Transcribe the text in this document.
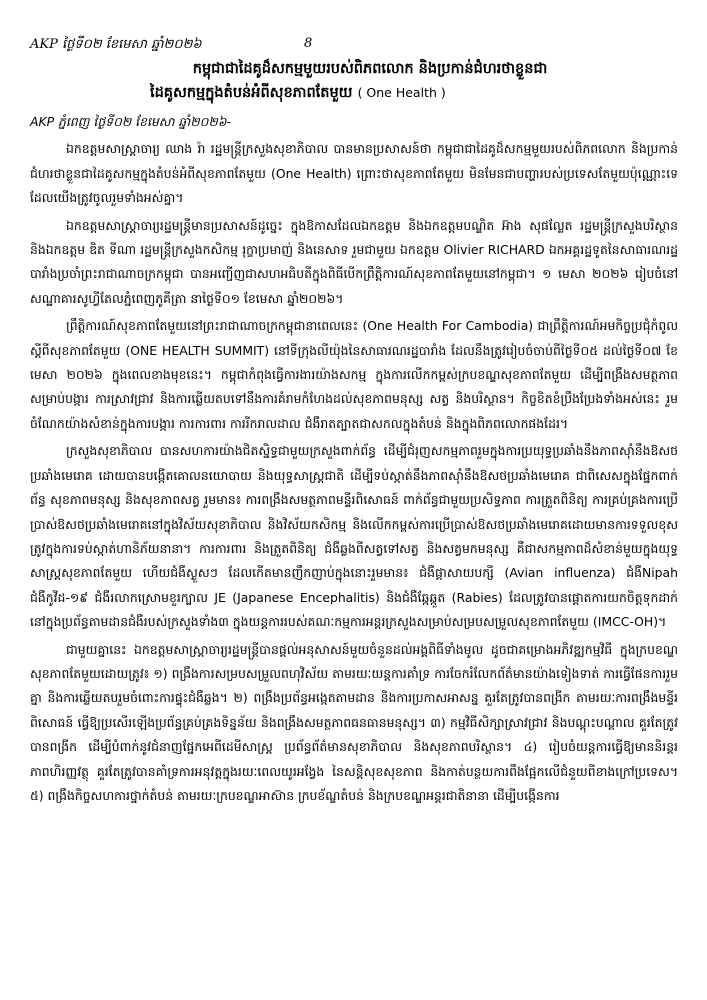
AKP ថ្ងៃទី០២ ខែមេសា ឆ្នាំ២០២៦	8
កម្ពុជាជាដៃគូដ៏សកម្មមួយរបស់ពិភពលោក និងប្រកាន់ជំហរថាខ្លួនជា
ដៃគូសកម្មក្នុងតំបន់អំពីសុខភាពតែមួយ ( One Health )

AKP ភ្នំពេញ ថ្ងៃទី០២ ខែមេសា ឆ្នាំ២០២៦-

ឯកឧត្តមសាស្ត្រាចារ្យ ឈាង រ៉ា រដ្ឋមន្ត្រីក្រសួងសុខាភិបាល បានមានប្រសាសន៍ថា កម្ពុជាជាដៃគូដ៏សកម្មមួយរបស់ពិភពលោក និងប្រកាន់ជំហរថាខ្លួនជាដៃគូសកម្មក្នុងតំបន់អំពីសុខភាពតែមួយ (One Health) ព្រោះថាសុខភាពតែមួយ មិនមែនជាបញ្ហារបស់ប្រទេសតែមួយប៉ុណ្ណោះទេ ដែលយើងត្រូវចូលរួមទាំងអស់គ្នា។

ឯកឧត្តមសាស្ត្រាចារ្យរដ្ឋមន្ត្រីមានប្រសាសន៍ដូច្នេះ ក្នុងឱកាសដែលឯកឧត្តម និងឯកឧត្តមបណ្ឌិត អ៊ាង សុផល្លែត រដ្ឋមន្ត្រីក្រសួងបរិស្ថាន និងឯកឧត្តម ឌិត ទីណា រដ្ឋមន្ត្រីក្រសួងកសិកម្ម រុក្ខាប្រមាញ់ និងនេសាទ រួមជាមួយ ឯកឧត្តម Olivier RICHARD ឯកអគ្គរដ្ឋទូតនៃសាធារណរដ្ឋបារាំងប្រចាំព្រះរាជាណាចក្រកម្ពុជា បានអញ្ជើញជាសហអធិបតីក្នុងពិធីបើកព្រឹត្តិការណ៍សុខភាពតែមួយនៅកម្ពុជា។ ១ មេសា ២០២៦ រៀបចំនៅសណ្ឋាគារសូហ្វីតែលភ្នំពេញភូគីត្រា នាថ្ងៃទី០១ ខែមេសា ឆ្នាំ២០២៦។

ព្រឹត្តិការណ៍សុខភាពតែមួយនៅព្រះរាជាណាចក្រកម្ពុជានាពេលនេះ (One Health For Cambodia) ជាព្រឹត្តិការណ៍អមកិច្ចប្រជុំកំពូលស្តីពីសុខភាពតែមួយ (ONE HEALTH SUMMIT) នៅទីក្រុងលីយ៉ុងនៃសាធារណរដ្ឋបារាំង ដែលនឹងត្រូវរៀបចំចាប់ពីថ្ងៃទី០៥ ដល់ថ្ងៃទី០៧ ខែមេសា ២០២៦ ក្នុងពេលខាងមុខនេះ។ កម្ពុជាកំពុងធ្វើការងារយ៉ាងសកម្ម ក្នុងការលើកកម្ពស់ក្របខណ្ឌសុខភាពតែមួយ ដើម្បីពង្រឹងសមត្ថភាពសម្រាប់បង្ការ ការស្រាវជ្រាវ និងការឆ្លើយតបទៅនឹងការគំរាមកំហែងដល់សុខភាពមនុស្ស សត្វ និងបរិស្ថាន។ កិច្ចខិតខំប្រឹងប្រែងទាំងអស់នេះ រួមចំណែកយ៉ាងសំខាន់ក្នុងការបង្ការ ការការពារ ការរីករាលដាល ជំងឺរាតត្បាតជាសកលក្នុងតំបន់ និងក្នុងពិភពលោកផងដែរ។

ក្រសួងសុខាភិបាល បានសហការយ៉ាងជិតស្និទ្ធជាមួយក្រសួងពាក់ព័ន្ធ ដើម្បីជំរុញសកម្មភាពរួមក្នុងការប្រយុទ្ធប្រឆាំងនឹងភាពស៊ាំនឹងឱសថប្រឆាំងមេរោគ ដោយបានបង្កើតគោលនយោបាយ និងយុទ្ធសាស្ត្រជាតិ ដើម្បីទប់ស្កាត់នឹងភាពស៊ាំនឹងឱសថប្រឆាំងមេរោគ ជាពិសេសក្នុងផ្នែកពាក់ព័ន្ធ សុខភាពមនុស្ស និងសុខភាពសត្វ រួមមាន៖ ការពង្រឹងសមត្ថភាពមន្ទីរពិសោធន៍ ពាក់ព័ន្ធជាមួយប្រសិទ្ធភាព ការត្រួតពិនិត្យ ការគ្រប់គ្រងការប្រើប្រាស់ឱសថប្រឆាំងមេរោគនៅក្នុងវិស័យសុខាភិបាល និងវិស័យកសិកម្ម និងលើកកម្ពស់ការប្រើប្រាស់ឱសថប្រឆាំងមេរោគដោយមានការទទួលខុសត្រូវក្នុងការទប់ស្កាត់ហានិភ័យនានា។ ការការពារ និងត្រួតពិនិត្យ ជំងឺឆ្លងពីសត្វទៅសត្វ និងសត្វមកមនុស្ស គឺជាសកម្មភាពដ៏សំខាន់មួយក្នុងយុទ្ធសាស្ត្រសុខភាពតែមួយ ហើយជំងឺស្ងួសៗ ដែលកើតមានញឹកញាប់ក្នុងនោះរួមមាន៖ ជំងឺផ្តាសាយបក្សី (Avian influenza) ជំងឺNipah ជំងឺកូវីដ-១៩ ជំងឺរលាកស្រោមខួរក្បាល JE (Japanese Encephalitis) និងជំងឺឆ្កែឆ្កួត (Rabies) ដែលត្រូវបានផ្តោតការយកចិត្តទុកដាក់ នៅក្នុងប្រព័ន្ធតាមដានជំងឺរបស់ក្រសួងទាំង៣ ក្នុងយន្តការរបស់គណៈកម្មការអន្តរក្រសួងសម្រាប់សម្របសម្រួលសុខភាពតែមួយ (IMCC-OH)។

ជាមួយគ្នានេះ ឯកឧត្តមសាស្ត្រាចារ្យរដ្ឋមន្ត្រីបានផ្តល់អនុសាសន៍មួយចំនួនដល់អង្គពិធីទាំងមូល ដូចជាគម្រោងអភិវឌ្ឍកម្មវិធី ក្នុងក្របខណ្ឌសុខភាពតែមួយដោយត្រូវ៖ ១) ពង្រឹងការសម្របសម្រួលពហុវិស័យ តាមរយៈយន្តការគាំទ្រ ការចែករំលែកព័ត៌មានយ៉ាងទៀងទាត់ ការធ្វើផែនការរួមគ្នា និងការឆ្លើយតបរួមចំពោះការផ្ទុះជំងឺឆ្លង។ ២) ពង្រឹងប្រព័ន្ធអង្កេតតាមដាន និងការប្រកាសអាសន្ន គួរតែត្រូវបានពង្រីក តាមរយៈការពង្រឹងមន្ទីរពិសោធន៍ ធ្វើឱ្យប្រសើរឡើងប្រព័ន្ធគ្រប់គ្រងទិន្នន័យ និងពង្រឹងសមត្ថភាពធនធានមនុស្ស។ ៣) កម្មវិធីសិក្សាស្រាវជ្រាវ និងបណ្តុះបណ្តាល គួរតែត្រូវបានពង្រីក ដើម្បីបំពាក់នូវជំនាញផ្នែកអេពីដេមីសាស្ត្រ ប្រព័ន្ធព័ត៌មានសុខាភិបាល និងសុខភាពបរិស្ថាន។ ៤) រៀបចំយន្តការធ្វើឱ្យមាននិរន្តរភាពហិរញ្ញវត្ថុ គួរតែត្រូវបានគាំទ្រការអនុវត្តក្នុងរយៈពេលយូរអង្វែង នៃសន្តិសុខសុខភាព និងកាត់បន្ថយការពឹងផ្អែកលើជំនួយពីខាងក្រៅប្រទេស។ ៥) ពង្រឹងកិច្ចសហការថ្នាក់តំបន់ តាមរយៈក្របខណ្ឌអាស៊ាន ក្របខ័ណ្ឌតំបន់ និងក្របខណ្ឌអន្តរជាតិនានា ដើម្បីបង្កើនការ
